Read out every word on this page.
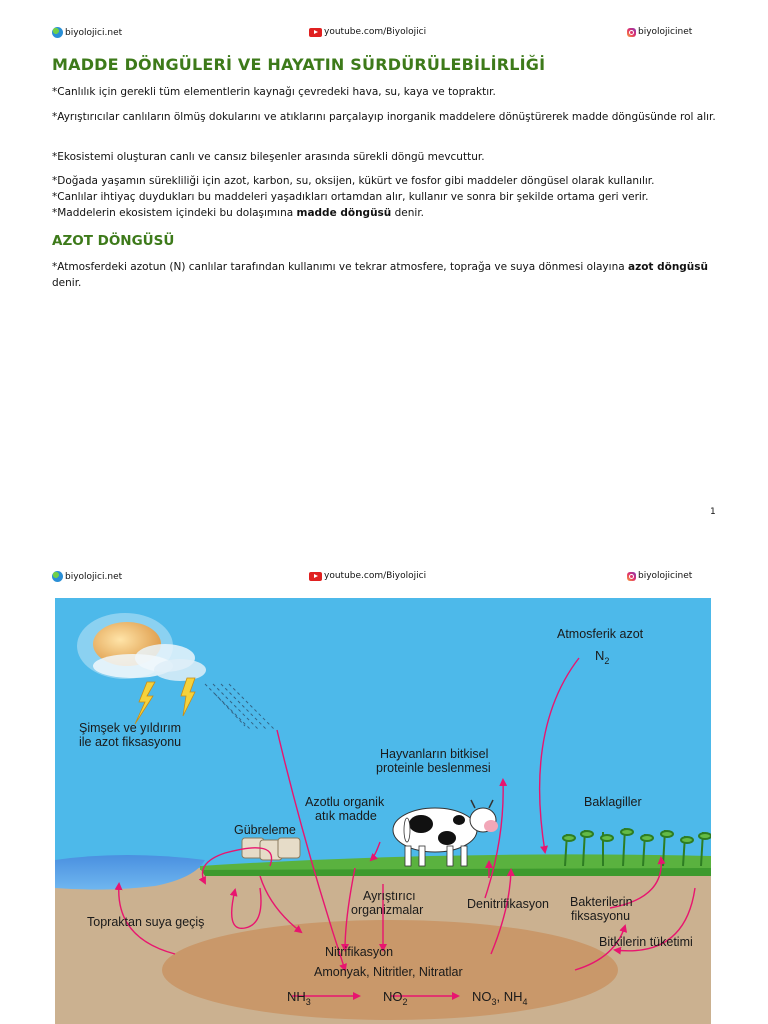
biyolojici.net	youtube.com/Biyolojici	biyolojicinet
MADDE DÖNGÜLERİ VE HAYATIN SÜRDÜRÜLEBİLİRLİĞİ
*Canlılık için gerekli tüm elementlerin kaynağı çevredeki hava, su, kaya ve topraktır.
*Ayrıştırıcılar canlıların ölmüş dokularını ve atıklarını parçalayıp inorganik maddelere dönüştürerek madde döngüsünde rol alır.
*Ekosistemi oluşturan canlı ve cansız bileşenler arasında sürekli döngü mevcuttur.
*Doğada yaşamın sürekliliği için azot, karbon, su, oksijen, kükürt ve fosfor gibi maddeler döngüsel olarak kullanılır.
*Canlılar ihtiyaç duydukları bu maddeleri yaşadıkları ortamdan alır, kullanır ve sonra bir şekilde ortama geri verir.
*Maddelerin ekosistem içindeki bu dolaşımına madde döngüsü denir.
AZOT DÖNGÜSÜ
*Atmosferdeki azotun (N) canlılar tarafından kullanımı ve tekrar atmosfere, toprağa ve suya dönmesi olayına azot döngüsü denir.
1
biyolojici.net	youtube.com/Biyolojici	biyolojicinet
Şimşek ve yıldırım
ile azot fiksasyonu
Atmosferik azot
$N_2$
Hayvanların bitkisel
proteinle beslenmesi
Azotlu organik
atık madde
Gübreleme
Baklagiller
Ayrıştırıcı
organizmalar	Denitrifikasyon Bakterilerin
fiksasyonu
Topraktan suya geçiş
Bitkilerin tüketimi
Nitrifikasyon
Amonyak, Nitritler, Nitratlar
$NH_3$	$NO_2$	$NO_3$, $NH_4$
